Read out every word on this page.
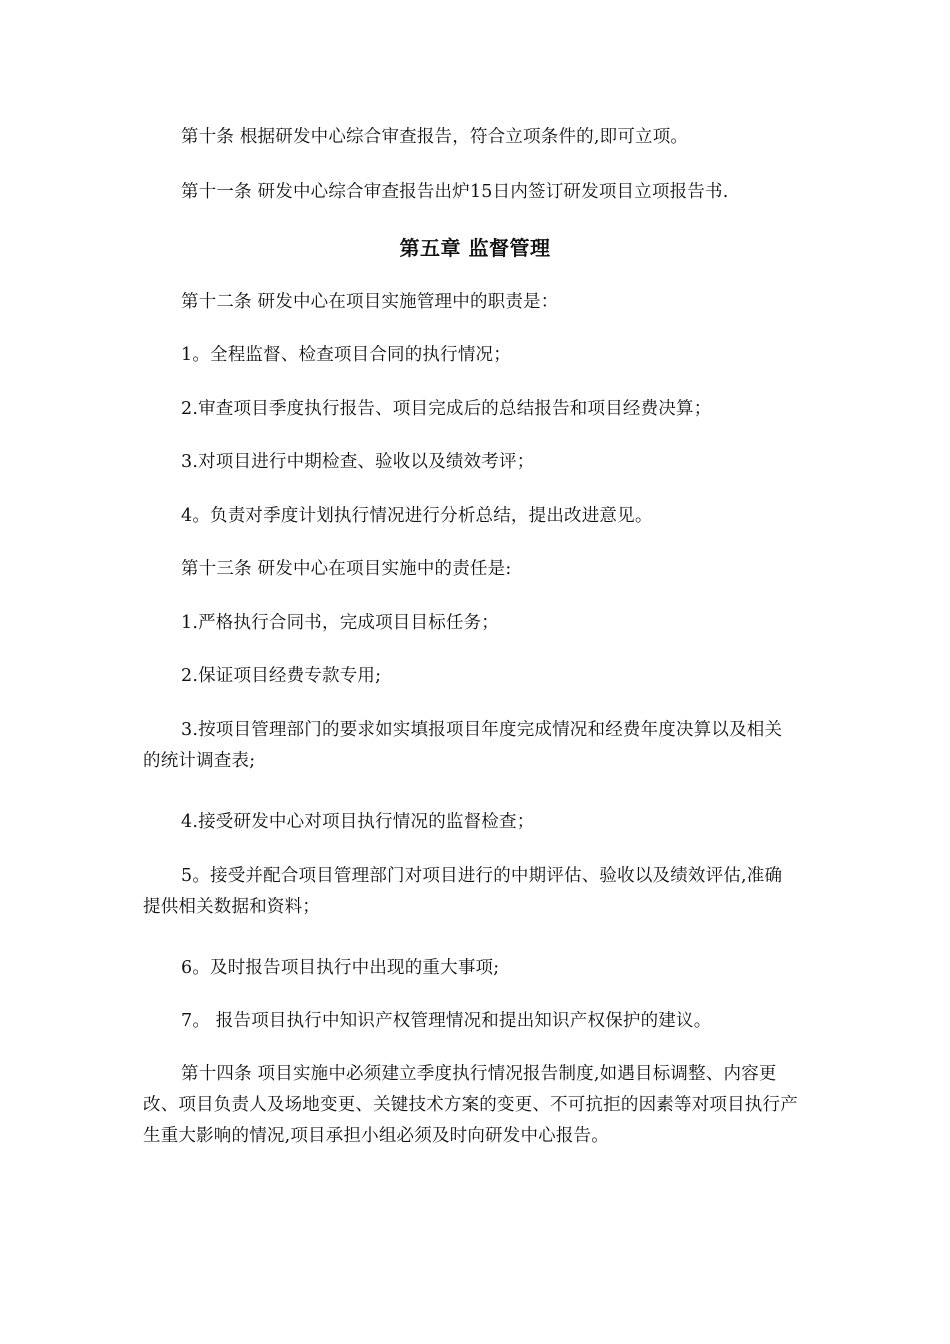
第十条 根据研发中心综合审查报告，符合立项条件的,即可立项。

第十一条 研发中心综合审查报告出炉15日内签订研发项目立项报告书.

第五章 监督管理

第十二条 研发中心在项目实施管理中的职责是：

1。全程监督、检查项目合同的执行情况；

2.审查项目季度执行报告、项目完成后的总结报告和项目经费决算；

3.对项目进行中期检查、验收以及绩效考评；

4。负责对季度计划执行情况进行分析总结，提出改进意见。

第十三条 研发中心在项目实施中的责任是:

1.严格执行合同书，完成项目目标任务；

2.保证项目经费专款专用;

3.按项目管理部门的要求如实填报项目年度完成情况和经费年度决算以及相关的统计调查表;

4.接受研发中心对项目执行情况的监督检查；

5。接受并配合项目管理部门对项目进行的中期评估、验收以及绩效评估,准确提供相关数据和资料；

6。及时报告项目执行中出现的重大事项;

7。 报告项目执行中知识产权管理情况和提出知识产权保护的建议。

第十四条 项目实施中必须建立季度执行情况报告制度,如遇目标调整、内容更改、项目负责人及场地变更、关键技术方案的变更、不可抗拒的因素等对项目执行产生重大影响的情况,项目承担小组必须及时向研发中心报告。
